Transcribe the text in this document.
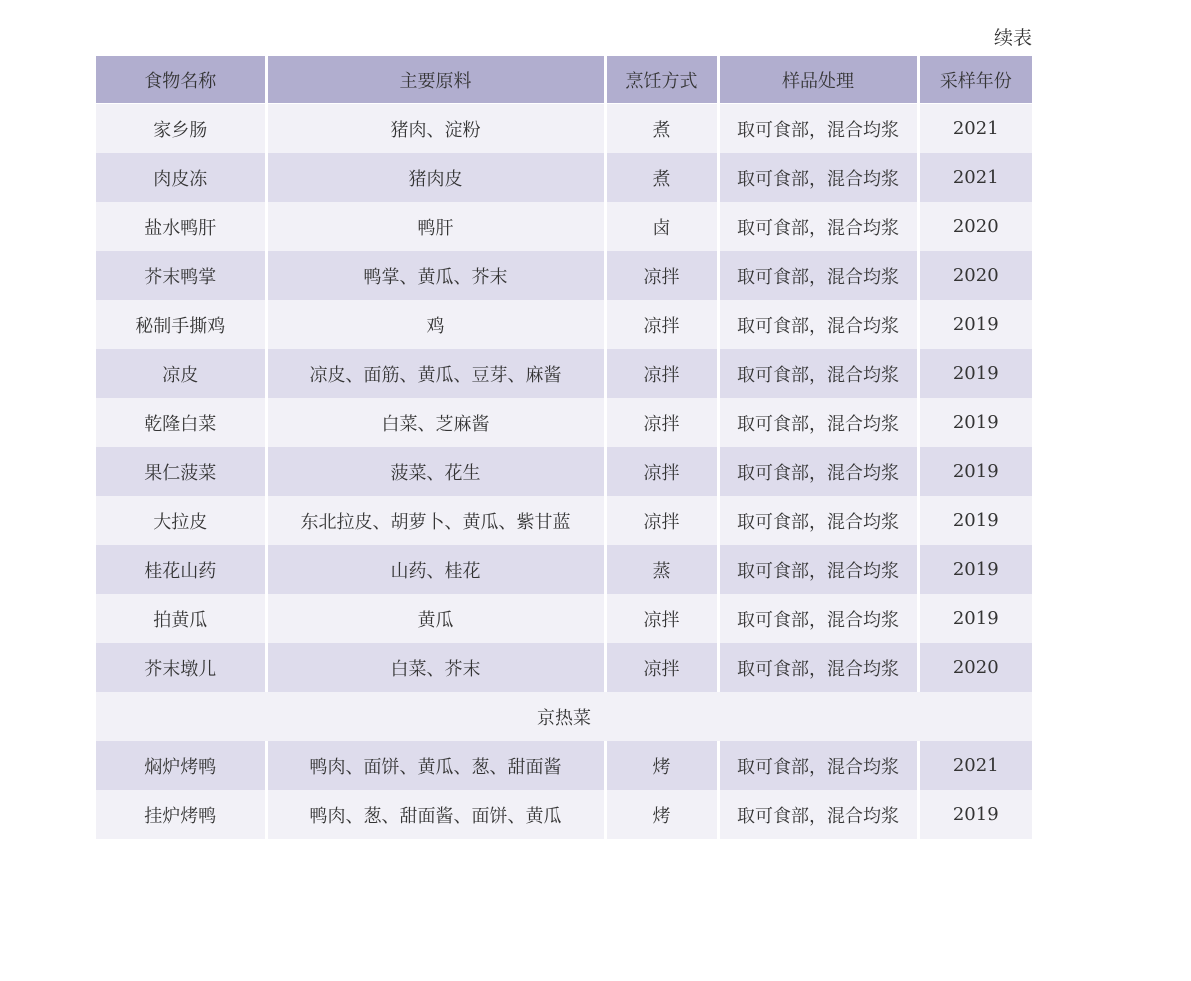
续表
食物名称	主要原料	烹饪方式	样品处理	采样年份
家乡肠	猪肉、淀粉	煮	取可食部，混合均浆	2021
肉皮冻	猪肉皮	煮	取可食部，混合均浆	2021
盐水鸭肝	鸭肝	卤	取可食部，混合均浆	2020
芥末鸭掌	鸭掌、黄瓜、芥末	凉拌	取可食部，混合均浆	2020
秘制手撕鸡	鸡	凉拌	取可食部，混合均浆	2019
凉皮	凉皮、面筋、黄瓜、豆芽、麻酱	凉拌	取可食部，混合均浆	2019
乾隆白菜	白菜、芝麻酱	凉拌	取可食部，混合均浆	2019
果仁菠菜	菠菜、花生	凉拌	取可食部，混合均浆	2019
大拉皮	东北拉皮、胡萝卜、黄瓜、紫甘蓝	凉拌	取可食部，混合均浆	2019
桂花山药	山药、桂花	蒸	取可食部，混合均浆	2019
拍黄瓜	黄瓜	凉拌	取可食部，混合均浆	2019
芥末墩儿	白菜、芥末	凉拌	取可食部，混合均浆	2020
京热菜				
焖炉烤鸭	鸭肉、面饼、黄瓜、葱、甜面酱	烤	取可食部，混合均浆	2021
挂炉烤鸭	鸭肉、葱、甜面酱、面饼、黄瓜	烤	取可食部，混合均浆	2019
